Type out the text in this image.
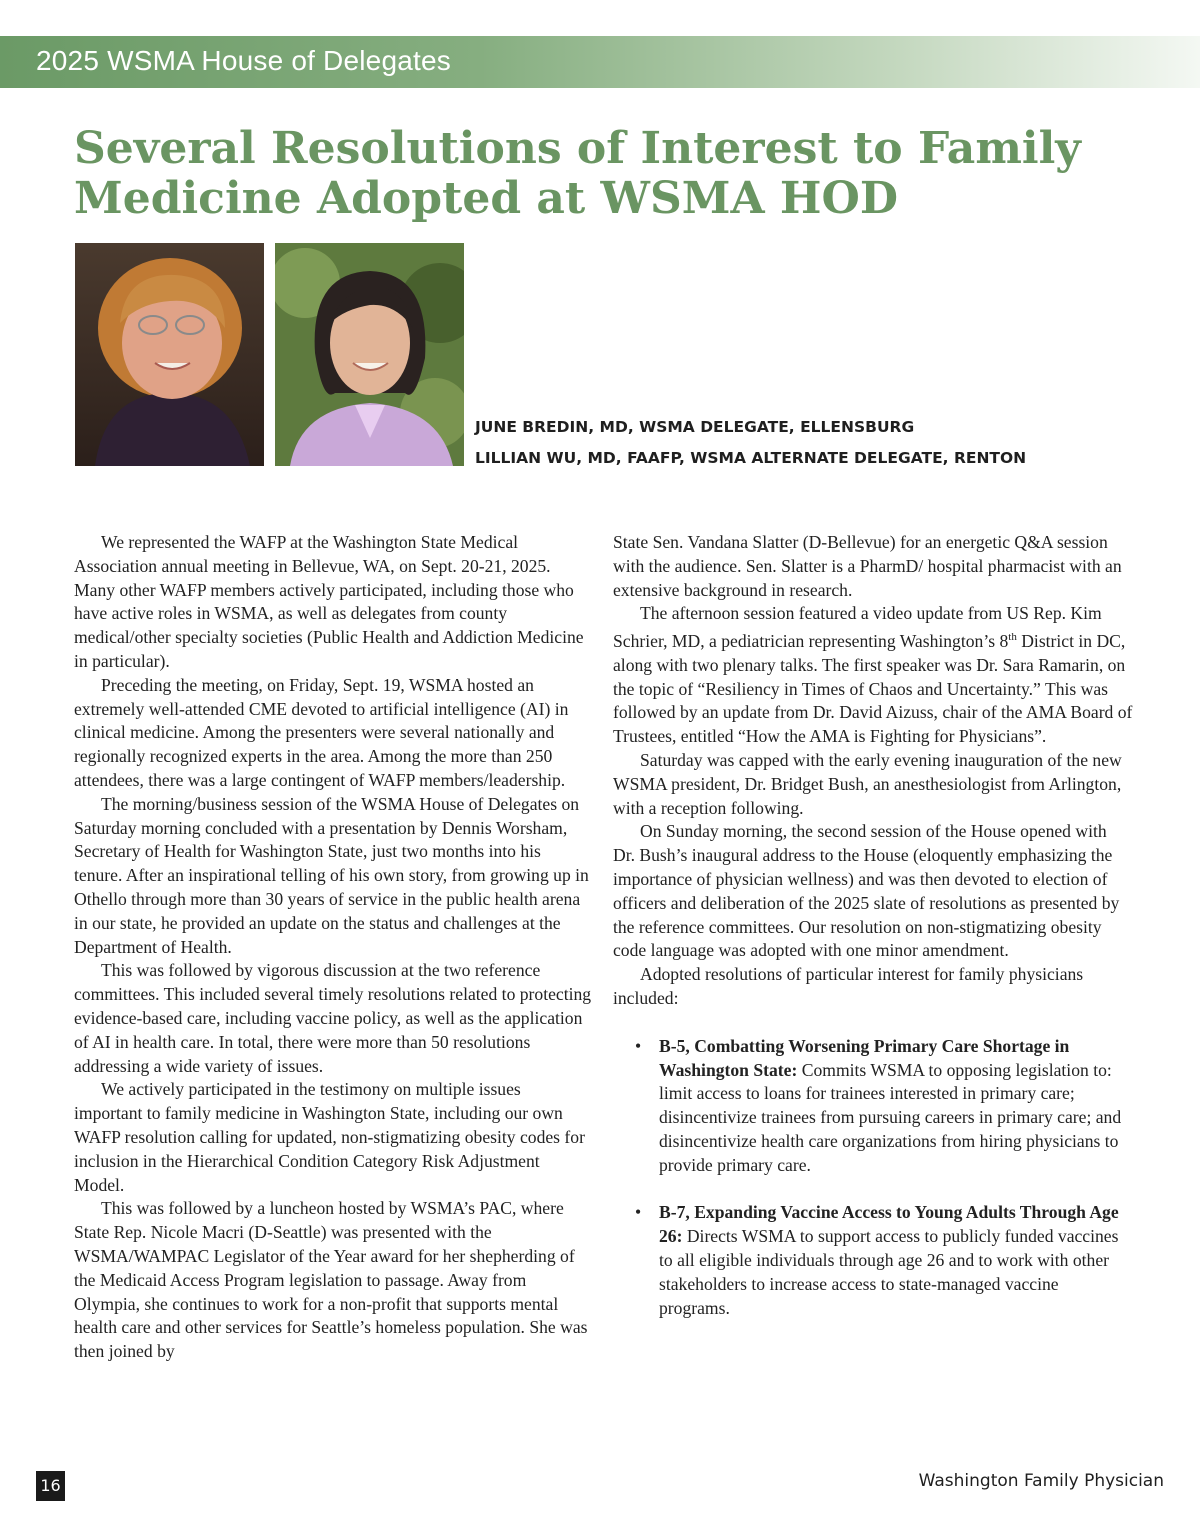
2025 WSMA House of Delegates
Several Resolutions of Interest to Family Medicine Adopted at WSMA HOD
JUNE BREDIN, MD, WSMA DELEGATE, ELLENSBURG
LILLIAN WU, MD, FAAFP, WSMA ALTERNATE DELEGATE, RENTON

We represented the WAFP at the Washington State Medical Association annual meeting in Bellevue, WA, on Sept. 20-21, 2025. Many other WAFP members actively participated, including those who have active roles in WSMA, as well as delegates from county medical/other specialty societies (Public Health and Addiction Medicine in particular).

Preceding the meeting, on Friday, Sept. 19, WSMA hosted an extremely well-attended CME devoted to artificial intelligence (AI) in clinical medicine. Among the presenters were several nationally and regionally recognized experts in the area. Among the more than 250 attendees, there was a large contingent of WAFP members/leadership.

The morning/business session of the WSMA House of Delegates on Saturday morning concluded with a presentation by Dennis Worsham, Secretary of Health for Washington State, just two months into his tenure. After an inspirational telling of his own story, from growing up in Othello through more than 30 years of service in the public health arena in our state, he provided an update on the status and challenges at the Department of Health.

This was followed by vigorous discussion at the two reference committees. This included several timely resolutions related to protecting evidence-based care, including vaccine policy, as well as the application of AI in health care. In total, there were more than 50 resolutions addressing a wide variety of issues.

We actively participated in the testimony on multiple issues important to family medicine in Washington State, including our own WAFP resolution calling for updated, non-stigmatizing obesity codes for inclusion in the Hierarchical Condition Category Risk Adjustment Model.

This was followed by a luncheon hosted by WSMA’s PAC, where State Rep. Nicole Macri (D-Seattle) was presented with the WSMA/WAMPAC Legislator of the Year award for her shepherding of the Medicaid Access Program legislation to passage. Away from Olympia, she continues to work for a non-profit that supports mental health care and other services for Seattle’s homeless population. She was then joined by

State Sen. Vandana Slatter (D-Bellevue) for an energetic Q&A session with the audience. Sen. Slatter is a PharmD/ hospital pharmacist with an extensive background in research.

The afternoon session featured a video update from US Rep. Kim Schrier, MD, a pediatrician representing Washington’s 8th District in DC, along with two plenary talks. The first speaker was Dr. Sara Ramarin, on the topic of “Resiliency in Times of Chaos and Uncertainty.” This was followed by an update from Dr. David Aizuss, chair of the AMA Board of Trustees, entitled “How the AMA is Fighting for Physicians”.

Saturday was capped with the early evening inauguration of the new WSMA president, Dr. Bridget Bush, an anesthesiologist from Arlington, with a reception following.

On Sunday morning, the second session of the House opened with Dr. Bush’s inaugural address to the House (eloquently emphasizing the importance of physician wellness) and was then devoted to election of officers and deliberation of the 2025 slate of resolutions as presented by the reference committees. Our resolution on non-stigmatizing obesity code language was adopted with one minor amendment.

Adopted resolutions of particular interest for family physicians included:

• B-5, Combatting Worsening Primary Care Shortage in Washington State: Commits WSMA to opposing legislation to: limit access to loans for trainees interested in primary care; disincentivize trainees from pursuing careers in primary care; and disincentivize health care organizations from hiring physicians to provide primary care.
• B-7, Expanding Vaccine Access to Young Adults Through Age 26: Directs WSMA to support access to publicly funded vaccines to all eligible individuals through age 26 and to work with other stakeholders to increase access to state-managed vaccine programs.
16	Washington Family Physician
